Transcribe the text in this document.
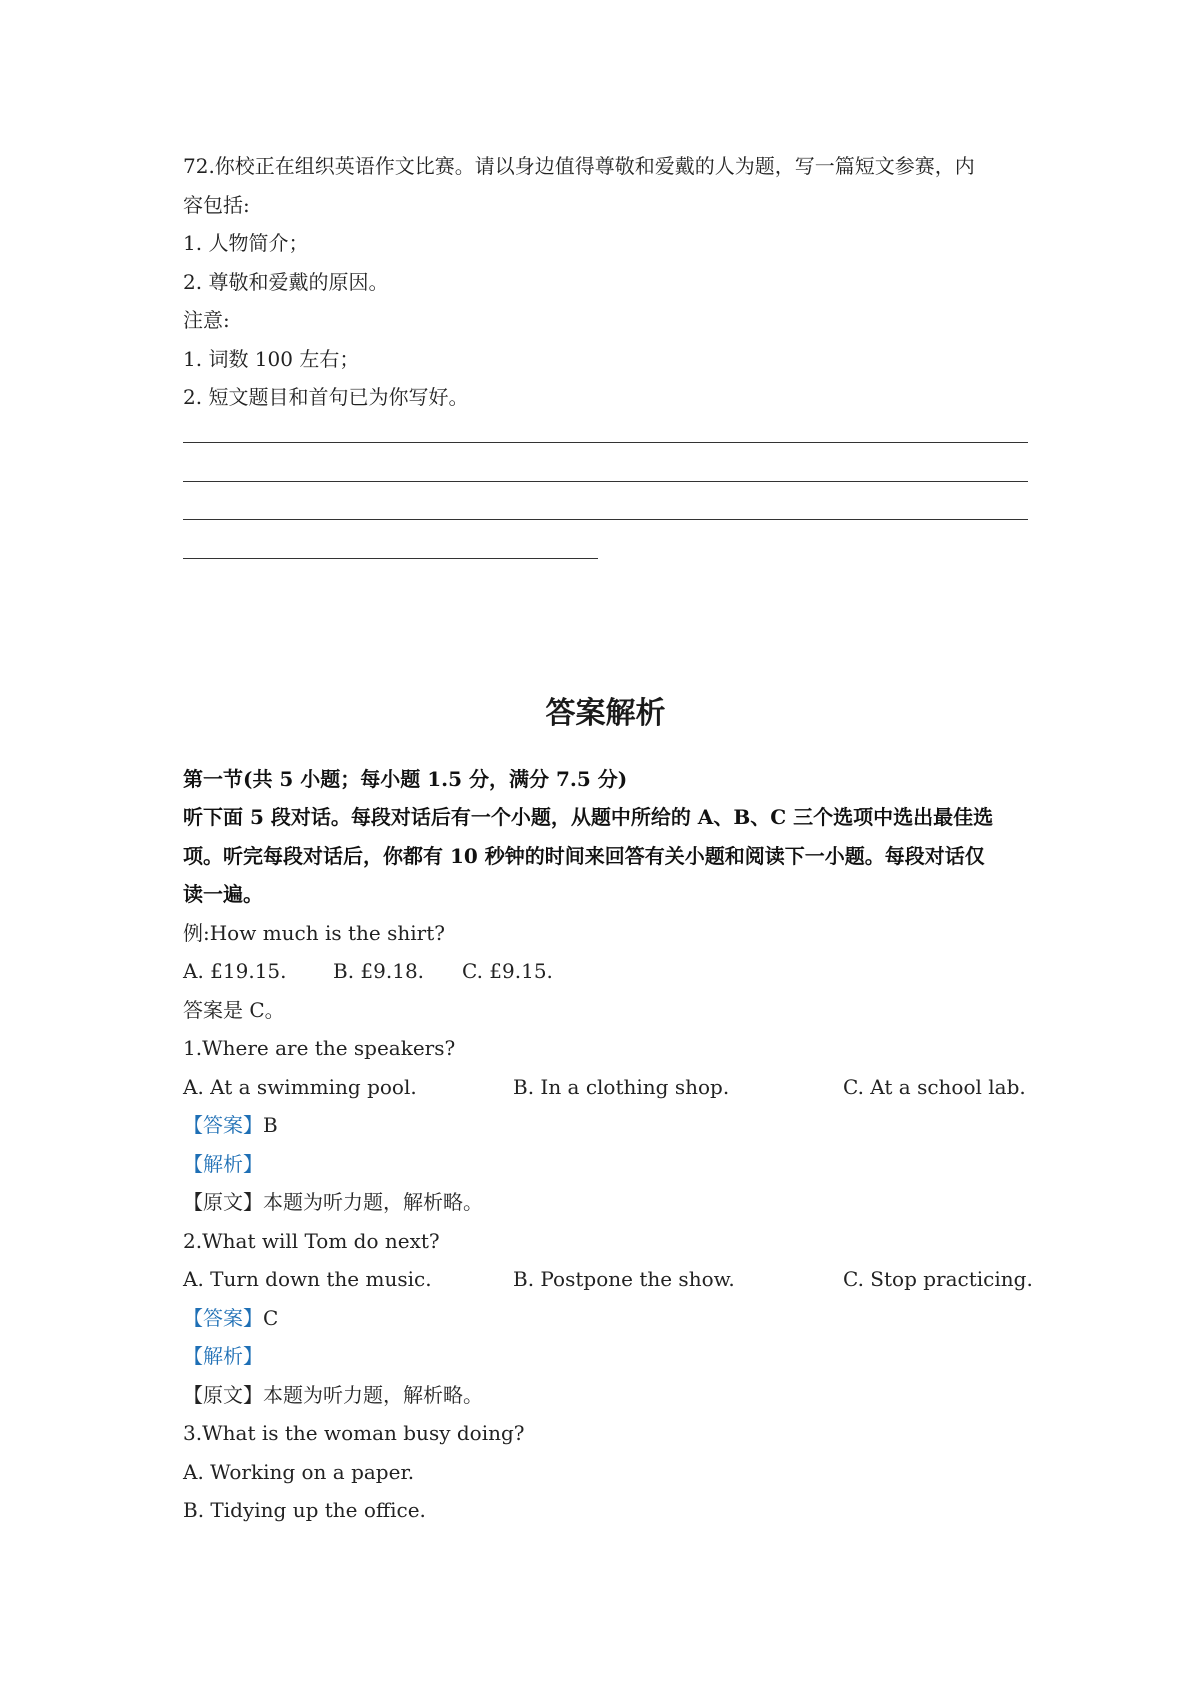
72.你校正在组织英语作文比赛。请以身边值得尊敬和爱戴的人为题，写一篇短文参赛，内
容包括:
1. 人物简介；
2. 尊敬和爱戴的原因。
注意:
1. 词数 100 左右；
2. 短文题目和首句已为你写好。
答案解析
第一节(共 5 小题；每小题 1.5 分，满分 7.5 分)
听下面 5 段对话。每段对话后有一个小题，从题中所给的 A、B、C 三个选项中选出最佳选
项。听完每段对话后，你都有 10 秒钟的时间来回答有关小题和阅读下一小题。每段对话仅
读一遍。
例:How much is the shirt?
A. £19.15. B. £9.18. C. £9.15.
答案是 C。
1.Where are the speakers?
A. At a swimming pool.	B. In a clothing shop.	C. At a school lab.
【答案】B
【解析】
【原文】本题为听力题，解析略。
2.What will Tom do next?
A. Turn down the music.	B. Postpone the show.	C. Stop practicing.
【答案】C
【解析】
【原文】本题为听力题，解析略。
3.What is the woman busy doing?
A. Working on a paper.
B. Tidying up the office.
